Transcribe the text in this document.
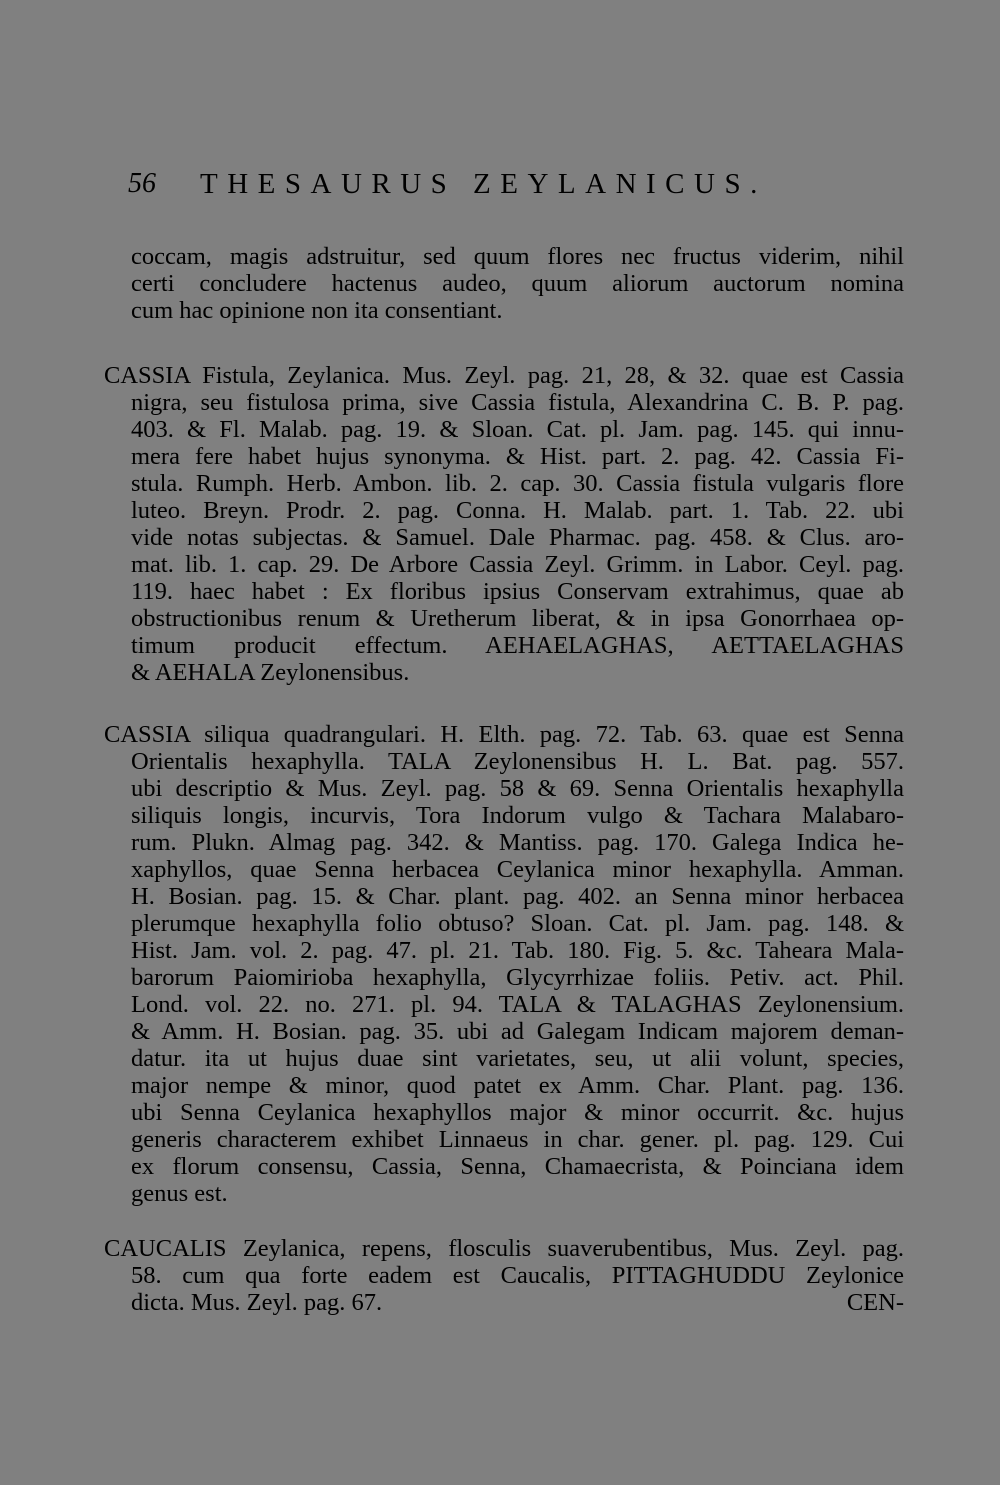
56 THESAURUS ZEYLANICUS.

coccam, magis adstruitur, sed quum flores nec fructus viderim, nihil
certi concludere hactenus audeo, quum aliorum auctorum nomina
cum hac opinione non ita consentiant.

CASSIA Fistula, Zeylanica. Mus. Zeyl. pag. 21, 28, & 32. quae est Cassia
nigra, seu fistulosa prima, sive Cassia fistula, Alexandrina C. B. P. pag.
403. & Fl. Malab. pag. 19. & Sloan. Cat. pl. Jam. pag. 145. qui innu-
mera fere habet hujus synonyma. & Hist. part. 2. pag. 42. Cassia Fi-
stula. Rumph. Herb. Ambon. lib. 2. cap. 30. Cassia fistula vulgaris flore
luteo. Breyn. Prodr. 2. pag. Conna. H. Malab. part. 1. Tab. 22. ubi
vide notas subjectas. & Samuel. Dale Pharmac. pag. 458. & Clus. aro-
mat. lib. 1. cap. 29. De Arbore Cassia Zeyl. Grimm. in Labor. Ceyl. pag.
119. haec habet : Ex floribus ipsius Conservam extrahimus, quae ab
obstructionibus renum & Uretherum liberat, & in ipsa Gonorrhaea op-
timum producit effectum. AEHAELAGHAS, AETTAELAGHAS
& AEHALA Zeylonensibus.

CASSIA siliqua quadrangulari. H. Elth. pag. 72. Tab. 63. quae est Senna
Orientalis hexaphylla. TALA Zeylonensibus H. L. Bat. pag. 557.
ubi descriptio & Mus. Zeyl. pag. 58 & 69. Senna Orientalis hexaphylla
siliquis longis, incurvis, Tora Indorum vulgo & Tachara Malabaro-
rum. Plukn. Almag pag. 342. & Mantiss. pag. 170. Galega Indica he-
xaphyllos, quae Senna herbacea Ceylanica minor hexaphylla. Amman.
H. Bosian. pag. 15. & Char. plant. pag. 402. an Senna minor herbacea
plerumque hexaphylla folio obtuso? Sloan. Cat. pl. Jam. pag. 148. &
Hist. Jam. vol. 2. pag. 47. pl. 21. Tab. 180. Fig. 5. &c. Taheara Mala-
barorum Paiomirioba hexaphylla, Glycyrrhizae foliis. Petiv. act. Phil.
Lond. vol. 22. no. 271. pl. 94. TALA & TALAGHAS Zeylonensium.
& Amm. H. Bosian. pag. 35. ubi ad Galegam Indicam majorem deman-
datur. ita ut hujus duae sint varietates, seu, ut alii volunt, species,
major nempe & minor, quod patet ex Amm. Char. Plant. pag. 136.
ubi Senna Ceylanica hexaphyllos major & minor occurrit. &c. hujus
generis characterem exhibet Linnaeus in char. gener. pl. pag. 129. Cui
ex florum consensu, Cassia, Senna, Chamaecrista, & Poinciana idem
genus est.

CAUCALIS Zeylanica, repens, flosculis suaverubentibus, Mus. Zeyl. pag.
58. cum qua forte eadem est Caucalis, PITTAGHUDDU Zeylonice
dicta. Mus. Zeyl. pag. 67.	CEN-
